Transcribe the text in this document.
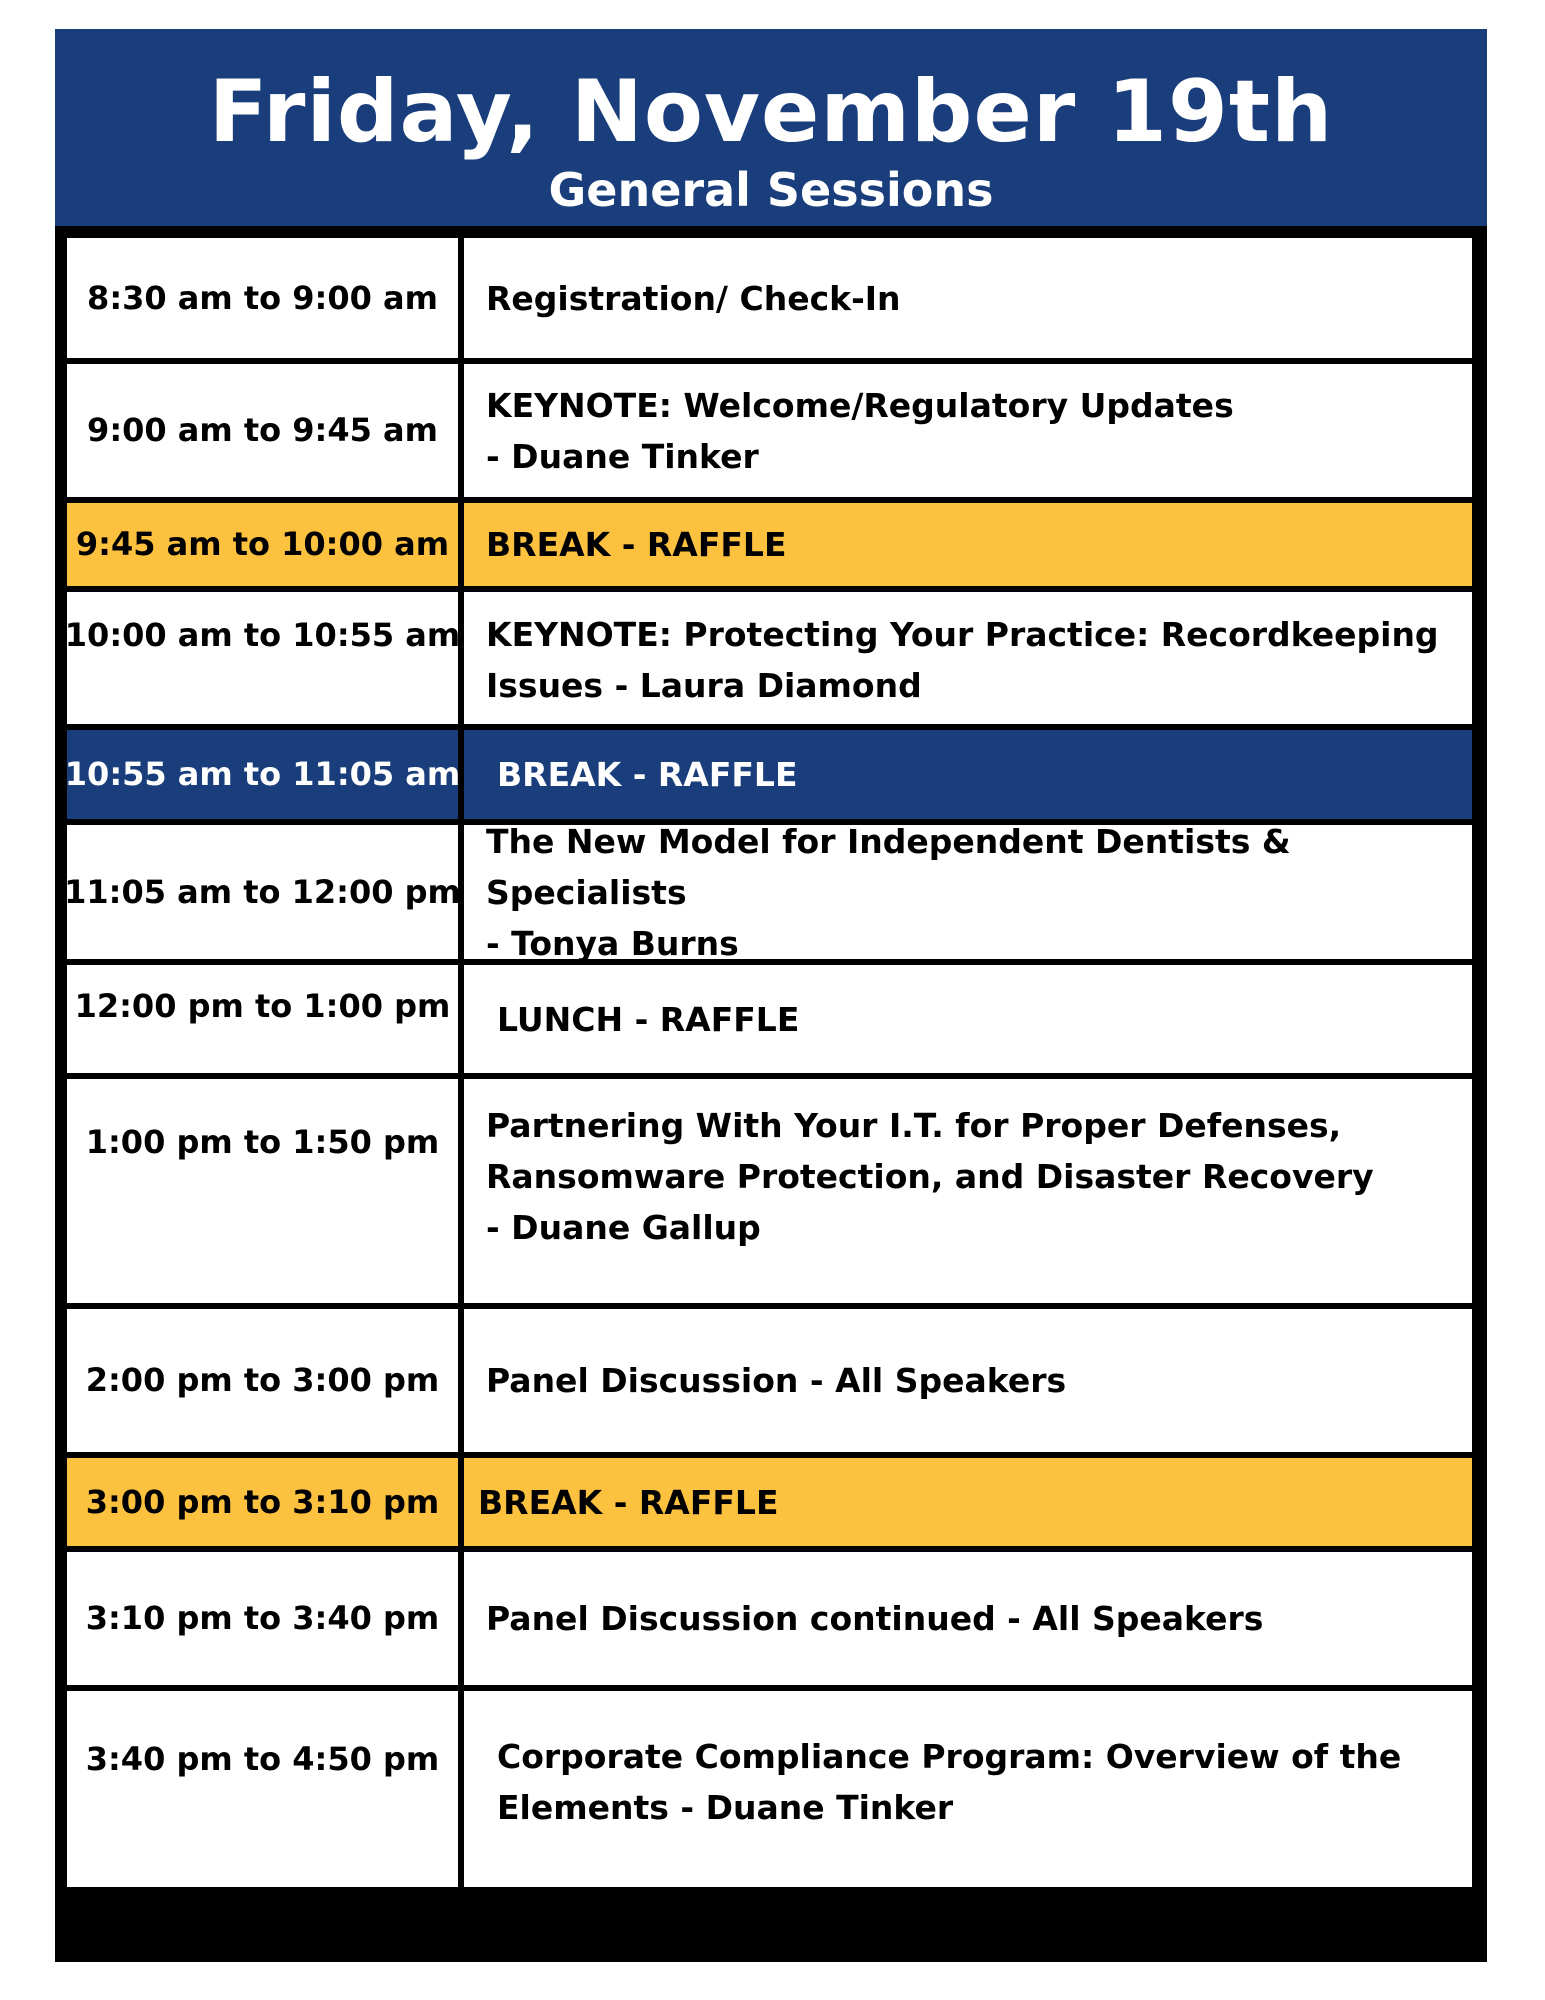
Friday, November 19th
General Sessions
8:30 am to 9:00 am	Registration/ Check-In
9:00 am to 9:45 am
KEYNOTE: Welcome/Regulatory Updates
- Duane Tinker
9:45 am to 10:00 am BREAK - RAFFLE
10:00 am to 10:55 am KEYNOTE: Protecting Your Practice: Recordkeeping
Issues - Laura Diamond
10:55 am to 11:05 am BREAK - RAFFLE
11:05 am to 12:00 pm
The New Model for Independent Dentists & Specialists
- Tonya Burns
12:00 pm to 1:00 pm LUNCH - RAFFLE
1:00 pm to 1:50 pm Partnering With Your I.T. for Proper Defenses,
Ransomware Protection, and Disaster Recovery
- Duane Gallup
2:00 pm to 3:00 pm	Panel Discussion - All Speakers
3:00 pm to 3:10 pm	BREAK - RAFFLE
3:10 pm to 3:40 pm	Panel Discussion continued - All Speakers
3:40 pm to 4:50 pm Corporate Compliance Program: Overview of the
Elements - Duane Tinker
